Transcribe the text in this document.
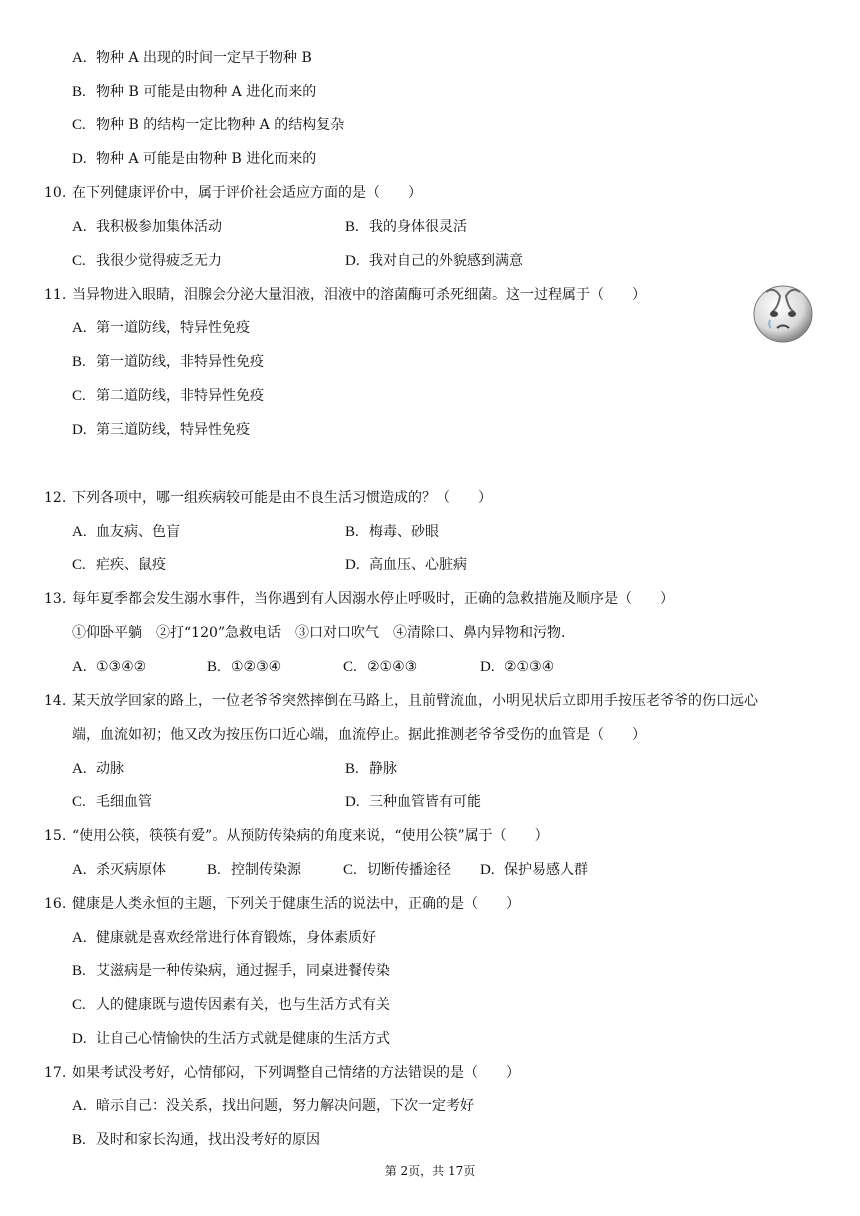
A. 物种 A 出现的时间一定早于物种 B
B. 物种 B 可能是由物种 A 进化而来的
C. 物种 B 的结构一定比物种 A 的结构复杂
D. 物种 A 可能是由物种 B 进化而来的
10. 在下列健康评价中，属于评价社会适应方面的是（　　）
A. 我积极参加集体活动	B. 我的身体很灵活
C. 我很少觉得疲乏无力	D. 我对自己的外貌感到满意
11. 当异物进入眼睛，泪腺会分泌大量泪液，泪液中的溶菌酶可杀死细菌。这一过程属于（　　）
A. 第一道防线，特异性免疫
B. 第一道防线，非特异性免疫
C. 第二道防线，非特异性免疫
D. 第三道防线，特异性免疫
12. 下列各项中，哪一组疾病较可能是由不良生活习惯造成的？（　　）
A. 血友病、色盲	B. 梅毒、砂眼
C. 疟疾、鼠疫	D. 高血压、心脏病
13. 每年夏季都会发生溺水事件，当你遇到有人因溺水停止呼吸时，正确的急救措施及顺序是（　　）
①仰卧平躺　②打“120”急救电话　③口对口吹气　④清除口、鼻内异物和污物.
A. ①③④②	B. ①②③④	C. ②①④③	D. ②①③④
14. 某天放学回家的路上，一位老爷爷突然摔倒在马路上，且前臂流血，小明见状后立即用手按压老爷爷的伤口远心
端，血流如初；他又改为按压伤口近心端，血流停止。据此推测老爷爷受伤的血管是（　　）
A. 动脉	B. 静脉
C. 毛细血管	D. 三种血管皆有可能
15. “使用公筷，筷筷有爱”。从预防传染病的角度来说，“使用公筷”属于（　　）
A. 杀灭病原体	B. 控制传染源	C. 切断传播途径 D. 保护易感人群
16. 健康是人类永恒的主题，下列关于健康生活的说法中，正确的是（　　）
A. 健康就是喜欢经常进行体育锻炼，身体素质好
B. 艾滋病是一种传染病，通过握手，同桌进餐传染
C. 人的健康既与遗传因素有关，也与生活方式有关
D. 让自己心情愉快的生活方式就是健康的生活方式
17. 如果考试没考好，心情郁闷，下列调整自己情绪的方法错误的是（　　）
A. 暗示自己：没关系，找出问题，努力解决问题，下次一定考好
B. 及时和家长沟通，找出没考好的原因
第 2页，共 17页
